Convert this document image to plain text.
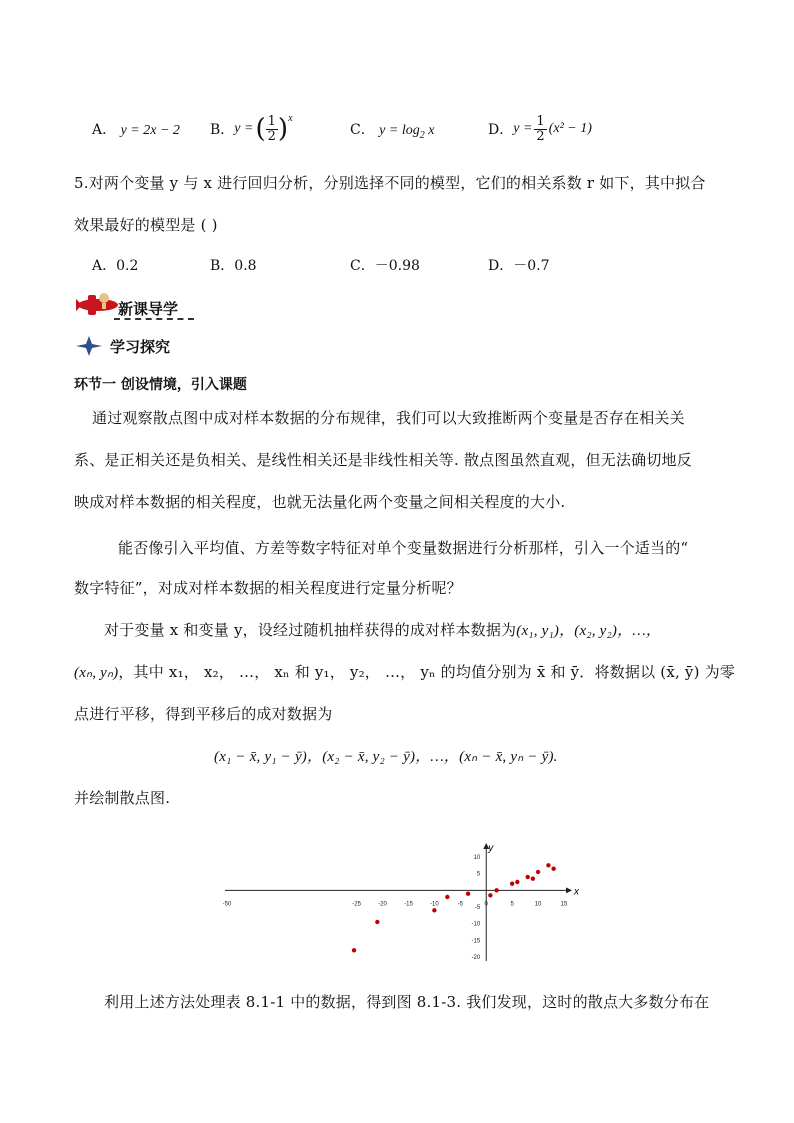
A． y = 2x − 2 B． y = ( $\frac{1}{2}$ ) x
C． $y = \log_2 x$	D． $y = \frac{1}{2} (x^2 - 1)$
5.对两个变量 y 与 x 进行回归分析，分别选择不同的模型，它们的相关系数 r 如下，其中拟合
效果最好的模型是 ( )
A．0.2	B．0.8	C．－0.98	D．－0.7
新课导学
学习探究
环节一 创设情境，引入课题
通过观察散点图中成对样本数据的分布规律，我们可以大致推断两个变量是否存在相关关
系、是正相关还是负相关、是线性相关还是非线性相关等. 散点图虽然直观，但无法确切地反
映成对样本数据的相关程度，也就无法量化两个变量之间相关程度的大小.
能否像引入平均值、方差等数字特征对单个变量数据进行分析那样，引入一个适当的“
数字特征”，对成对样本数据的相关程度进行定量分析呢？
对于变量 x 和变量 y，设经过随机抽样获得的成对样本数据为(x₁, y₁)，(x₂, y₂)，…，
(xₙ, yₙ)，其中 x₁， x₂， …， xₙ 和 y₁， y₂， …， yₙ 的均值分别为 x̄ 和 ȳ．将数据以 (x̄, ȳ) 为零
点进行平移，得到平移后的成对数据为
(x₁ − x̄, y₁ − ȳ)，(x₂ − x̄, y₂ − ȳ)，…，(xₙ − x̄, yₙ − ȳ).
并绘制散点图.
x
y
-50	-25	-20	-15	-10	-5	0	5	10	15
10
5
-5
-10
-15
-20
利用上述方法处理表 8.1-1 中的数据，得到图 8.1-3. 我们发现，这时的散点大多数分布在
